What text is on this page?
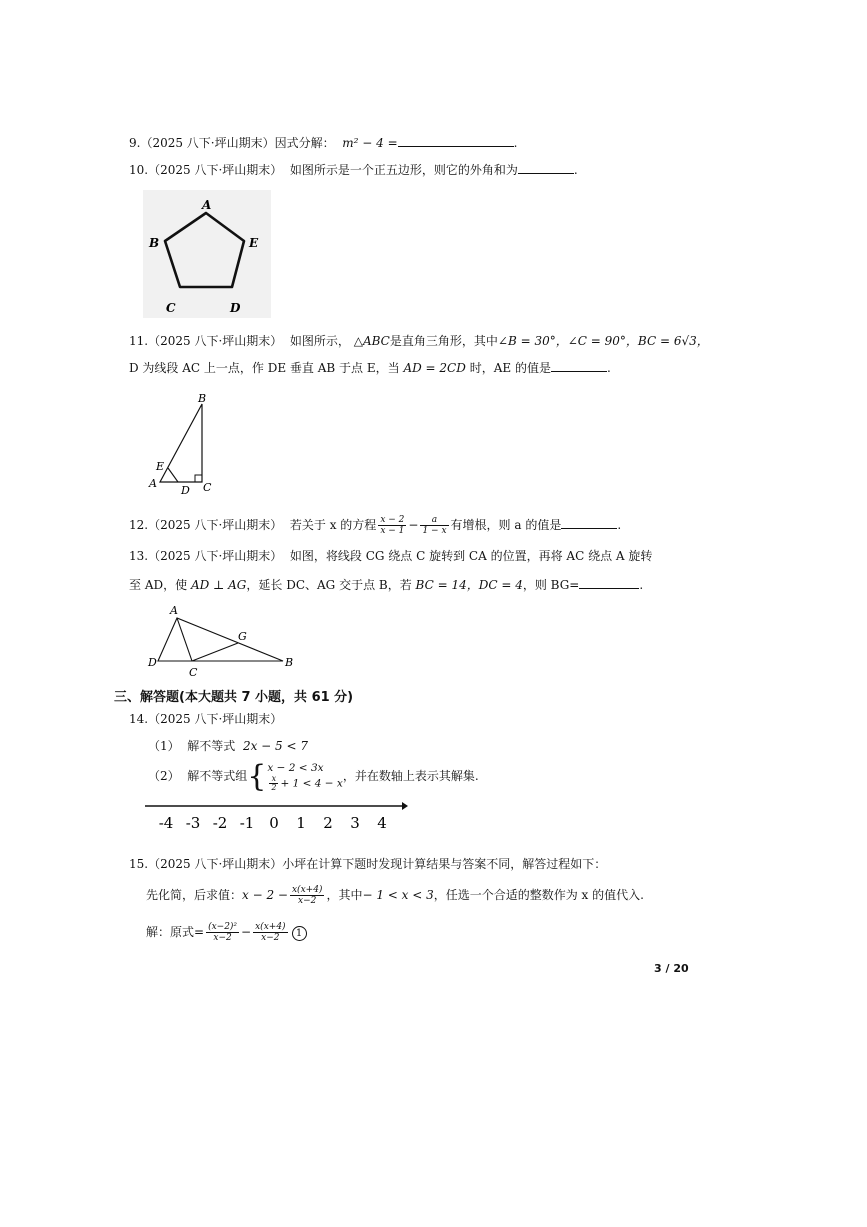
9.（2025 八下·坪山期末）因式分解： m² − 4 =	.
10.（2025 八下·坪山期末） 如图所示是一个正五边形，则它的外角和为	.
A
B	E
C	D
11.（2025 八下·坪山期末） 如图所示， △ABC是直角三角形，其中∠B = 30°，∠C = 90°，BC = 6√3，
D 为线段 AC 上一点，作 DE 垂直 AB 于点 E，当 AD = 2CD 时，AE 的值是	.
B
E
A
D C
12.（2025 八下·坪山期末） 若关于 x 的方程 $\frac{x - 2}{x - 1} - \frac{a}{1 - x}$ 有增根，则 a 的值是	.
13.（2025 八下·坪山期末） 如图，将线段 CG 绕点 C 旋转到 CA 的位置，再将 AC 绕点 A 旋转
至 AD，使 AD ⊥ AG，延长 DC、AG 交于点 B，若 BC = 14，DC = 4，则 BG=	.
A
D
C
G
B
三、解答题(本大题共 7 小题，共 61 分)
14.（2025 八下·坪山期末）
（1） 解不等式 2x − 5 < 7
（2） 解不等式组{ x − 2 < 3x
$\frac{x}{2} + 1 < 4 - x$
，并在数轴上表示其解集.
-4 -3 -2 -1 0 1 2 3 4
15.（2025 八下·坪山期末）小坪在计算下题时发现计算结果与答案不同，解答过程如下：
先化简，后求值：$x - 2 - \frac{x(x+4)}{x-2}$ ，其中− 1 < x < 3，任选一个合适的整数作为 x 的值代入.
解：原式= $\frac{\text{(x−2)²}}{x-2} - \frac{x(x+4)}{x-2} 1$
3 / 20
